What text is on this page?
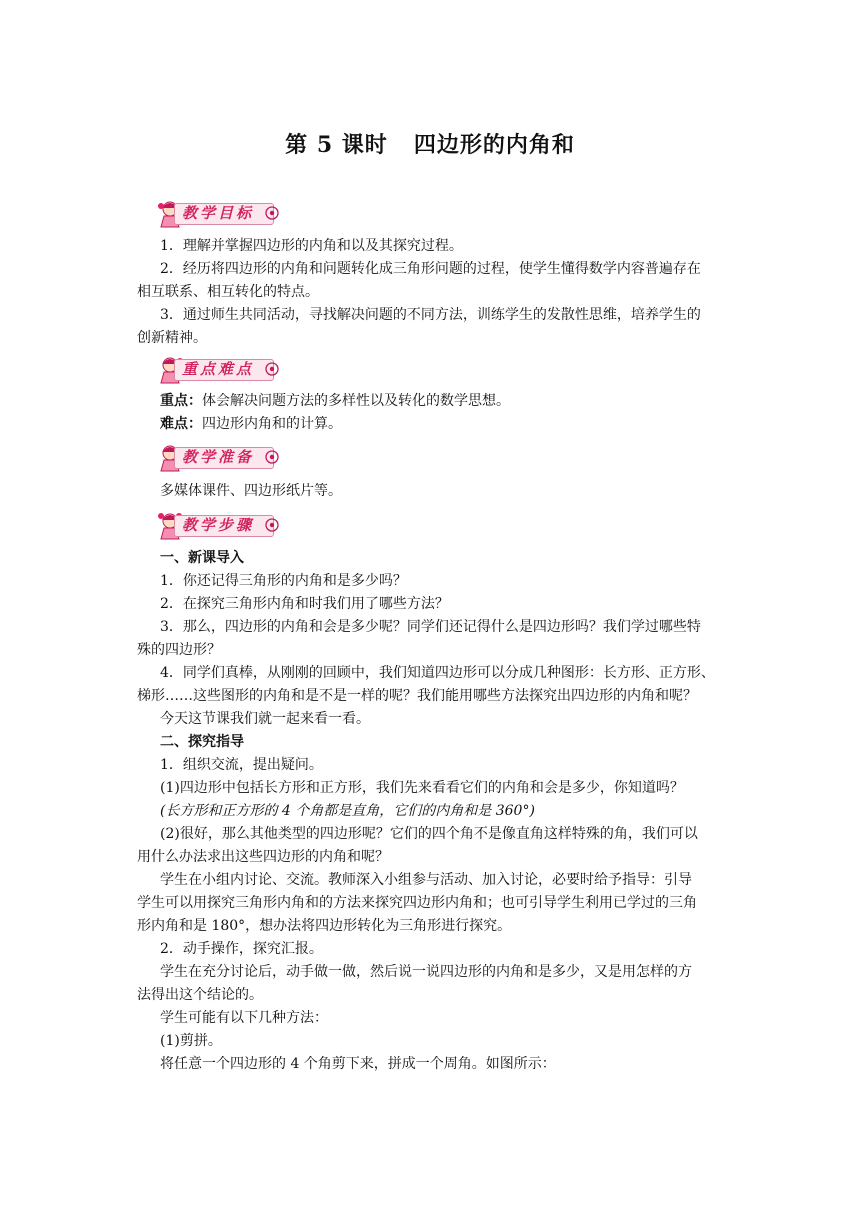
第 5 课时 四边形的内角和
教学目标
1．理解并掌握四边形的内角和以及其探究过程。
2．经历将四边形的内角和问题转化成三角形问题的过程，使学生懂得数学内容普遍存在
相互联系、相互转化的特点。
3．通过师生共同活动，寻找解决问题的不同方法，训练学生的发散性思维，培养学生的
创新精神。
重点难点
重点：体会解决问题方法的多样性以及转化的数学思想。
难点：四边形内角和的计算。
教学准备
多媒体课件、四边形纸片等。
教学步骤
一、新课导入
1．你还记得三角形的内角和是多少吗？
2．在探究三角形内角和时我们用了哪些方法？
3．那么，四边形的内角和会是多少呢？同学们还记得什么是四边形吗？我们学过哪些特
殊的四边形？
4．同学们真棒，从刚刚的回顾中，我们知道四边形可以分成几种图形：长方形、正方形、
梯形……这些图形的内角和是不是一样的呢？我们能用哪些方法探究出四边形的内角和呢？
今天这节课我们就一起来看一看。
二、探究指导
1．组织交流，提出疑问。
(1)四边形中包括长方形和正方形，我们先来看看它们的内角和会是多少，你知道吗？
(长方形和正方形的 4 个角都是直角，它们的内角和是 360°)
(2)很好，那么其他类型的四边形呢？它们的四个角不是像直角这样特殊的角，我们可以
用什么办法求出这些四边形的内角和呢？
学生在小组内讨论、交流。教师深入小组参与活动、加入讨论，必要时给予指导：引导
学生可以用探究三角形内角和的方法来探究四边形内角和；也可引导学生利用已学过的三角
形内角和是 180°，想办法将四边形转化为三角形进行探究。
2．动手操作，探究汇报。
学生在充分讨论后，动手做一做，然后说一说四边形的内角和是多少，又是用怎样的方
法得出这个结论的。
学生可能有以下几种方法：
(1)剪拼。
将任意一个四边形的 4 个角剪下来，拼成一个周角。如图所示：
